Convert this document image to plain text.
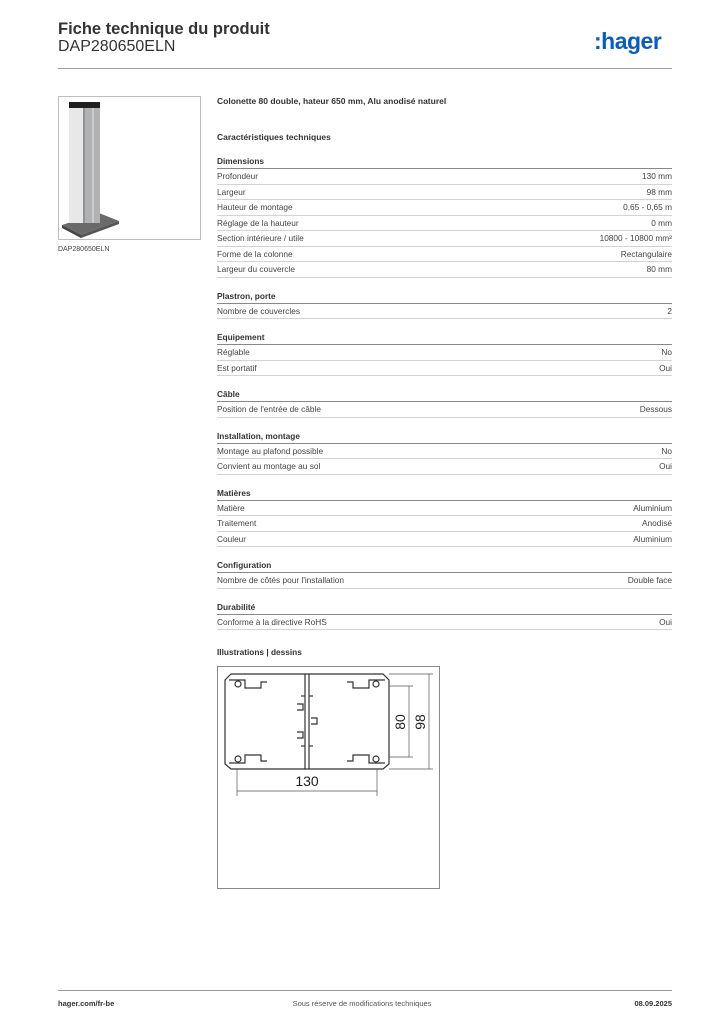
Fiche technique du produit
DAP280650ELN	:hager
DAP280650ELN
Colonette 80 double, hateur 650 mm, Alu anodisé naturel
Caractéristiques techniques
Dimensions
Profondeur	130 mm
Largeur	98 mm
Hauteur de montage	0,65 - 0,65 m
Réglage de la hauteur	0 mm
Section intérieure / utile	10800 - 10800 mm²
Forme de la colonne	Rectangulaire
Largeur du couvercle	80 mm
Plastron, porte
Nombre de couvercles	2
Equipement
Réglable	No
Est portatif	Oui
Câble
Position de l'entrée de câble	Dessous
Installation, montage
Montage au plafond possible	No
Convient au montage au sol	Oui
Matières
Matière	Aluminium
Traitement	Anodisé
Couleur	Aluminium
Configuration
Nombre de côtés pour l'installation	Double face
Durabilité
Conforme à la directive RoHS	Oui
Illustrations | dessins
130
80 98
hager.com/fr-be	Sous réserve de modifications techniques	08.09.2025
